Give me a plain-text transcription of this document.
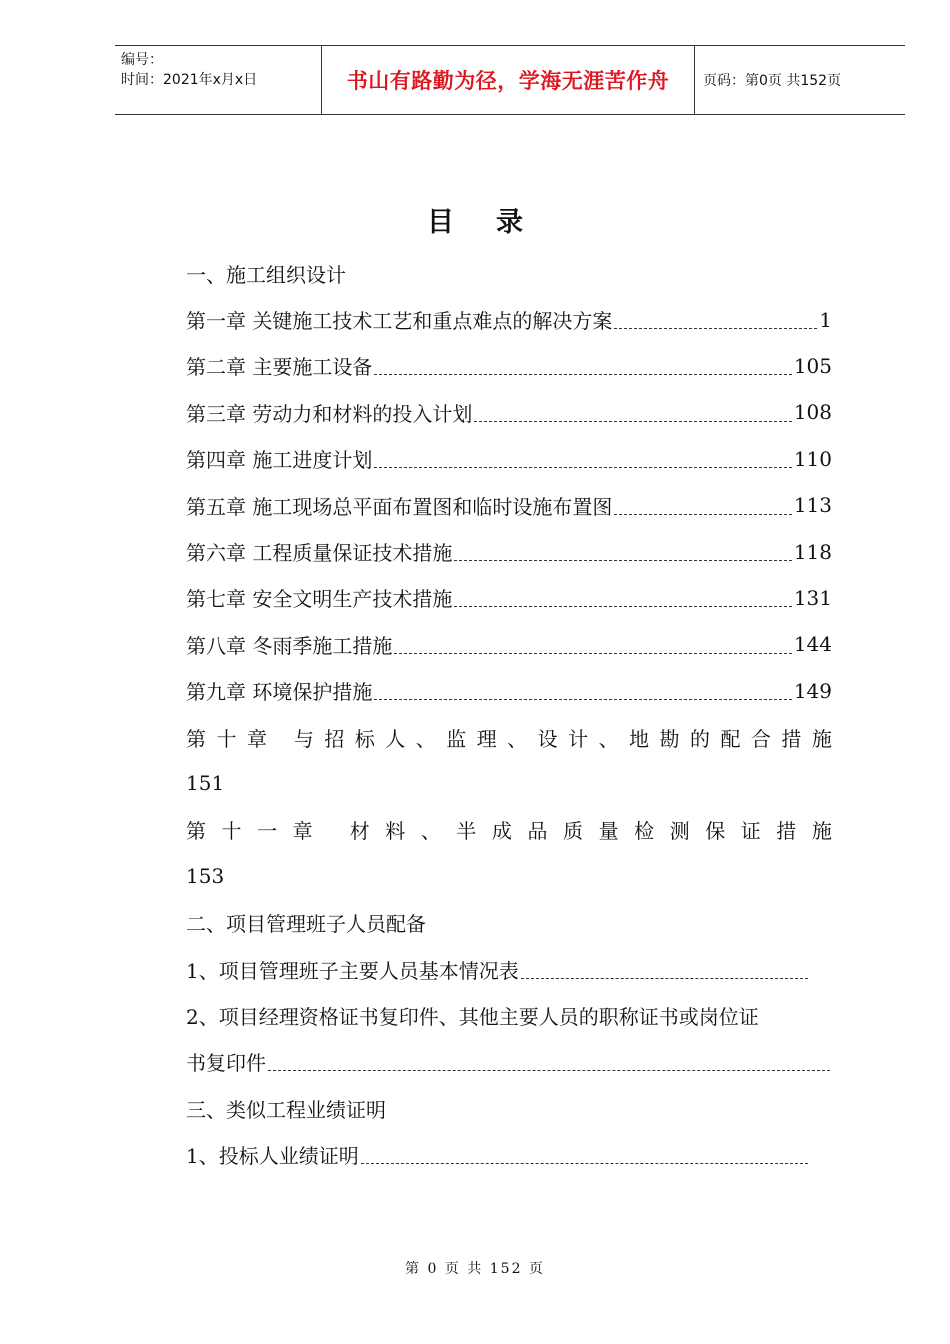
编号：
时间：2021年x月x日	书山有路勤为径，学海无涯苦作舟 页码：第0页 共152页
目录
一、施工组织设计
第一章 关键施工技术工艺和重点难点的解决方案	1
第二章 主要施工设备	105
第三章 劳动力和材料的投入计划	108
第四章 施工进度计划	110
第五章 施工现场总平面布置图和临时设施布置图	113
第六章 工程质量保证技术措施	118
第七章 安全文明生产技术措施	131
第八章 冬雨季施工措施	144
第九章 环境保护措施	149
第 十 章 与 招 标 人 、 监 理 、 设 计 、 地 勘 的 配 合 措 施
151
第 十 一 章 材 料 、 半 成 品 质 量 检 测 保 证 措 施
153
二、项目管理班子人员配备
1、项目管理班子主要人员基本情况表
2、项目经理资格证书复印件、其他主要人员的职称证书或岗位证
书复印件
三、类似工程业绩证明
1、投标人业绩证明
第 0 页 共 152 页
